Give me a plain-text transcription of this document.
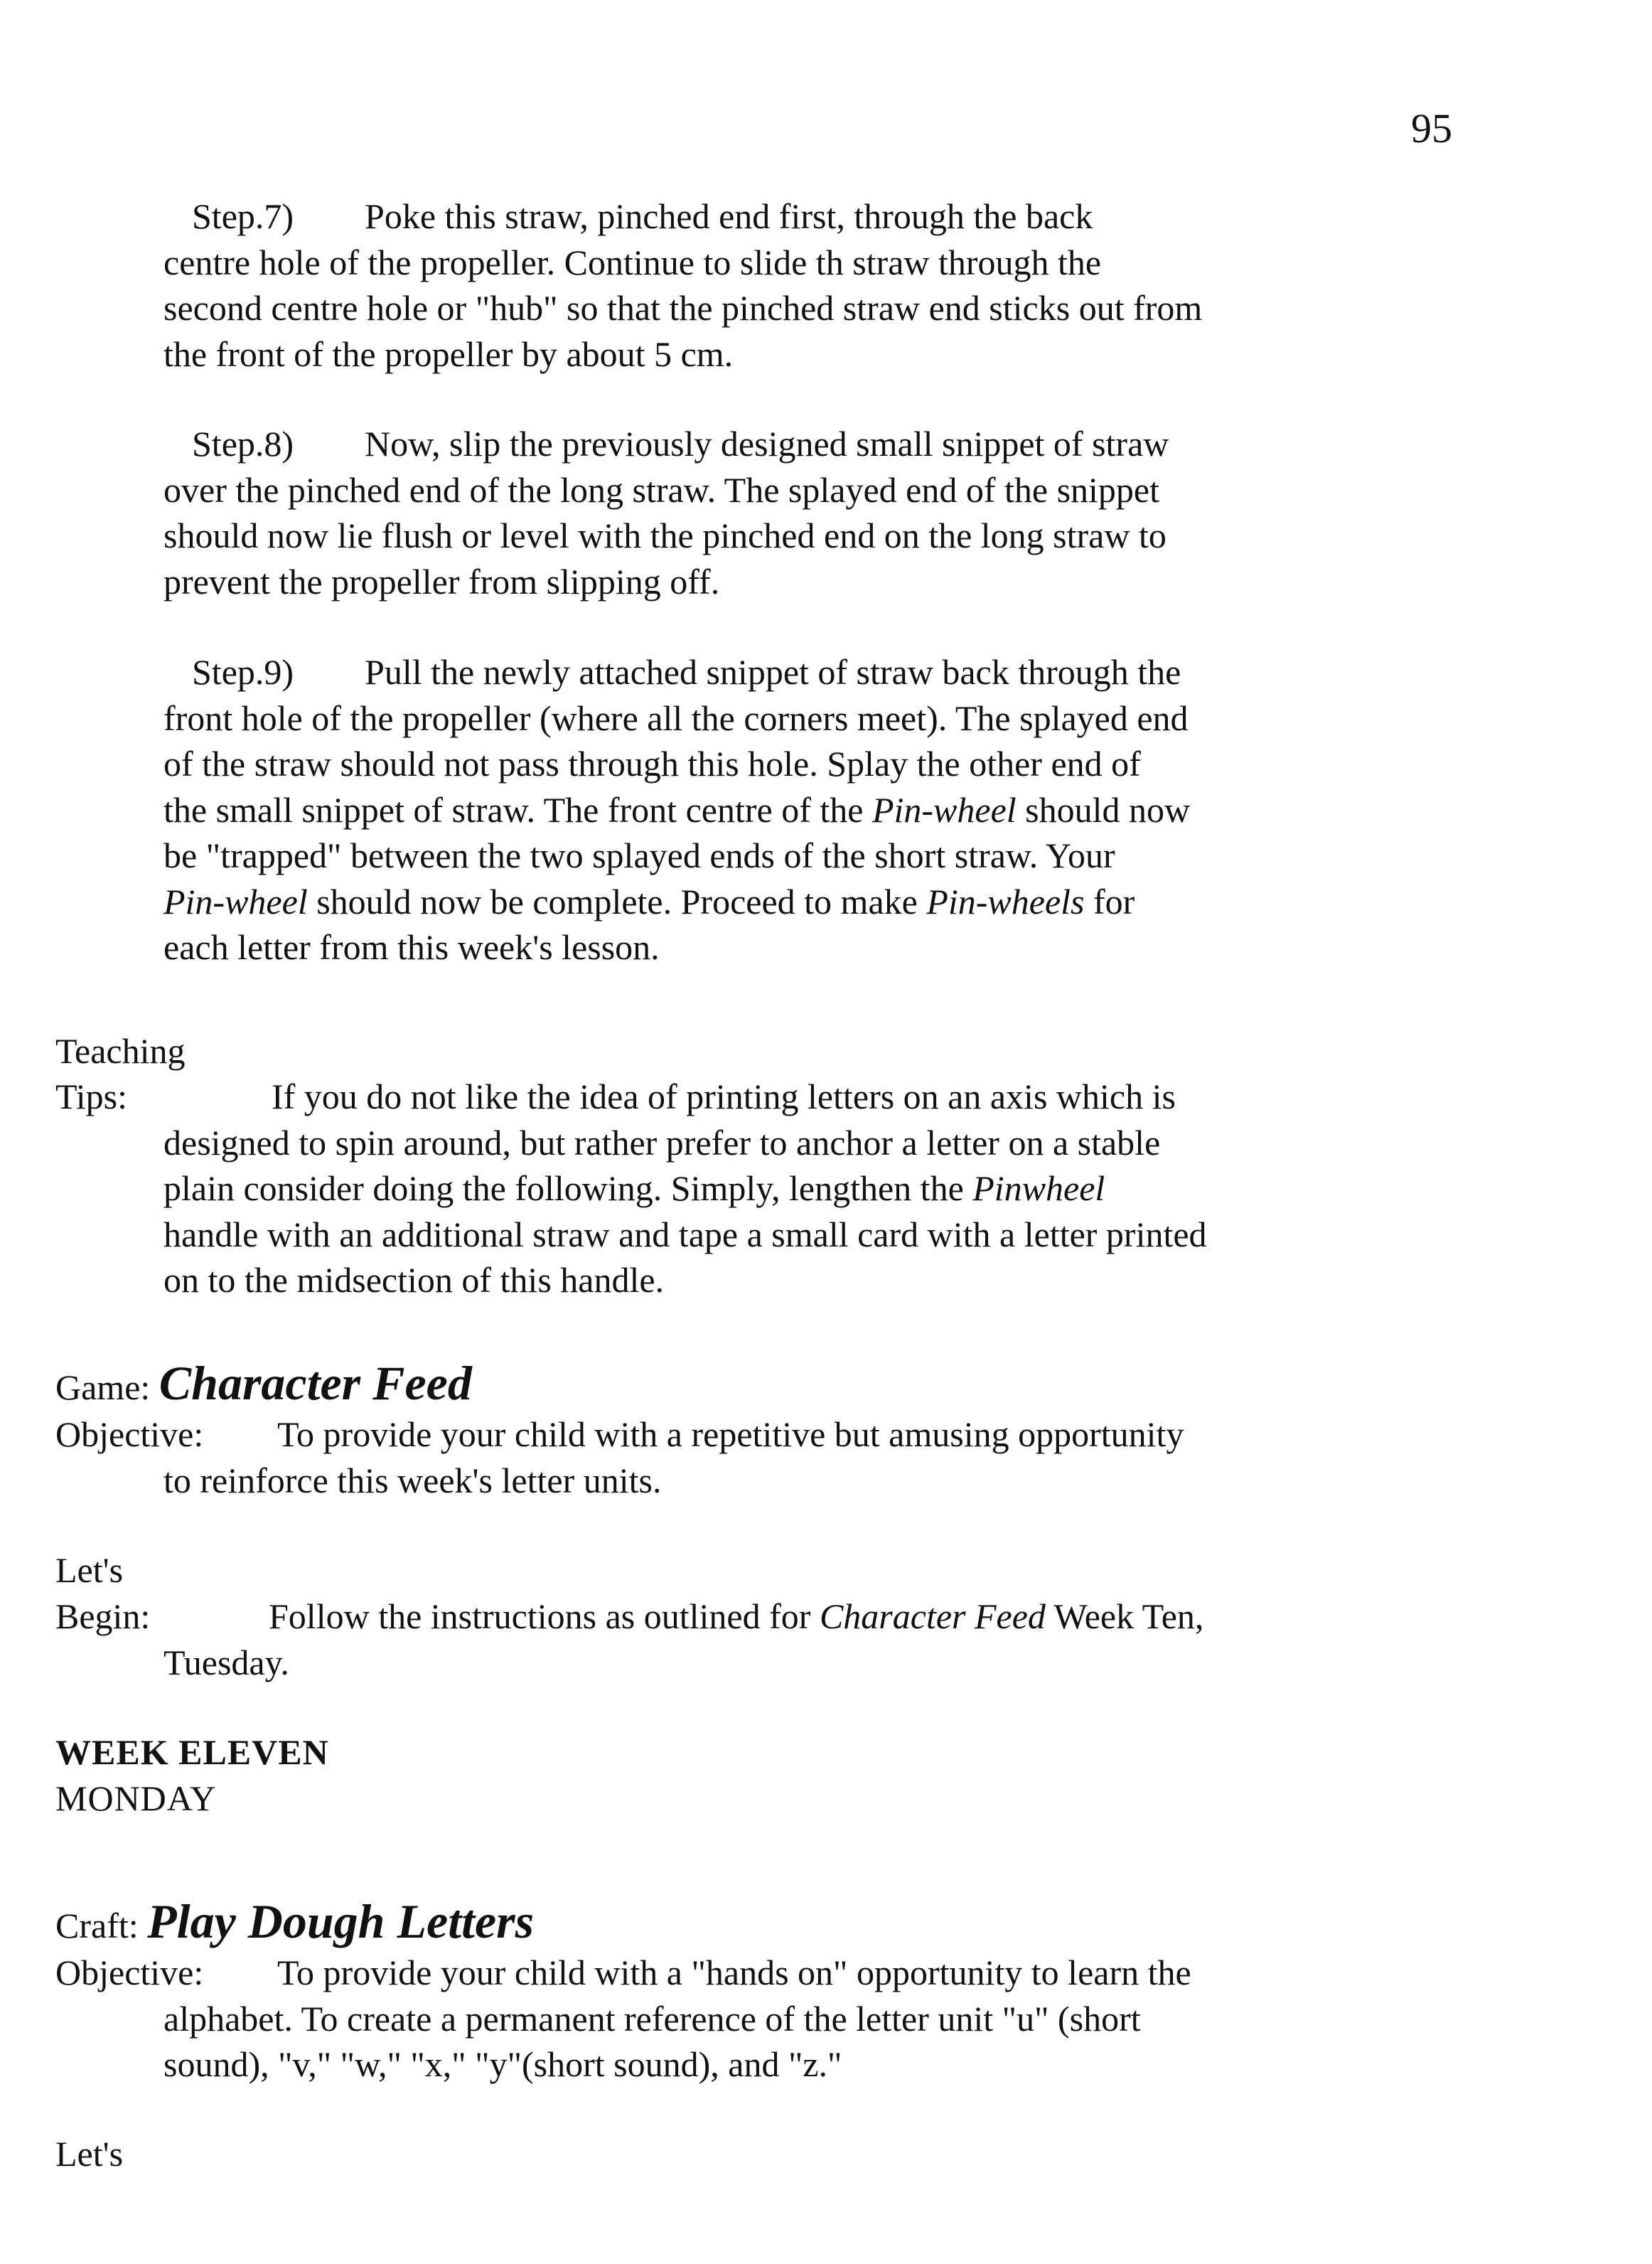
95
Step.7) Poke this straw, pinched end first, through the back
centre hole of the propeller. Continue to slide th straw through the
second centre hole or "hub" so that the pinched straw end sticks out from
the front of the propeller by about 5 cm.
Step.8) Now, slip the previously designed small snippet of straw
over the pinched end of the long straw. The splayed end of the snippet
should now lie flush or level with the pinched end on the long straw to
prevent the propeller from slipping off.
Step.9) Pull the newly attached snippet of straw back through the
front hole of the propeller (where all the corners meet). The splayed end
of the straw should not pass through this hole. Splay the other end of
the small snippet of straw. The front centre of the Pin-wheel should now
be "trapped" between the two splayed ends of the short straw. Your
Pin-wheel should now be complete. Proceed to make Pin-wheels for
each letter from this week's lesson.
Teaching
Tips:	If you do not like the idea of printing letters on an axis which is
designed to spin around, but rather prefer to anchor a letter on a stable
plain consider doing the following. Simply, lengthen the Pinwheel
handle with an additional straw and tape a small card with a letter printed
on to the midsection of this handle.
Game: Character Feed
Objective:	To provide your child with a repetitive but amusing opportunity
to reinforce this week's letter units.
Let's
Begin:	Follow the instructions as outlined for Character Feed Week Ten,
Tuesday.
WEEK ELEVEN
MONDAY
Craft: Play Dough Letters
Objective:	To provide your child with a "hands on" opportunity to learn the
alphabet. To create a permanent reference of the letter unit "u" (short
sound), "v," "w," "x," "y"(short sound), and "z."
Let's
